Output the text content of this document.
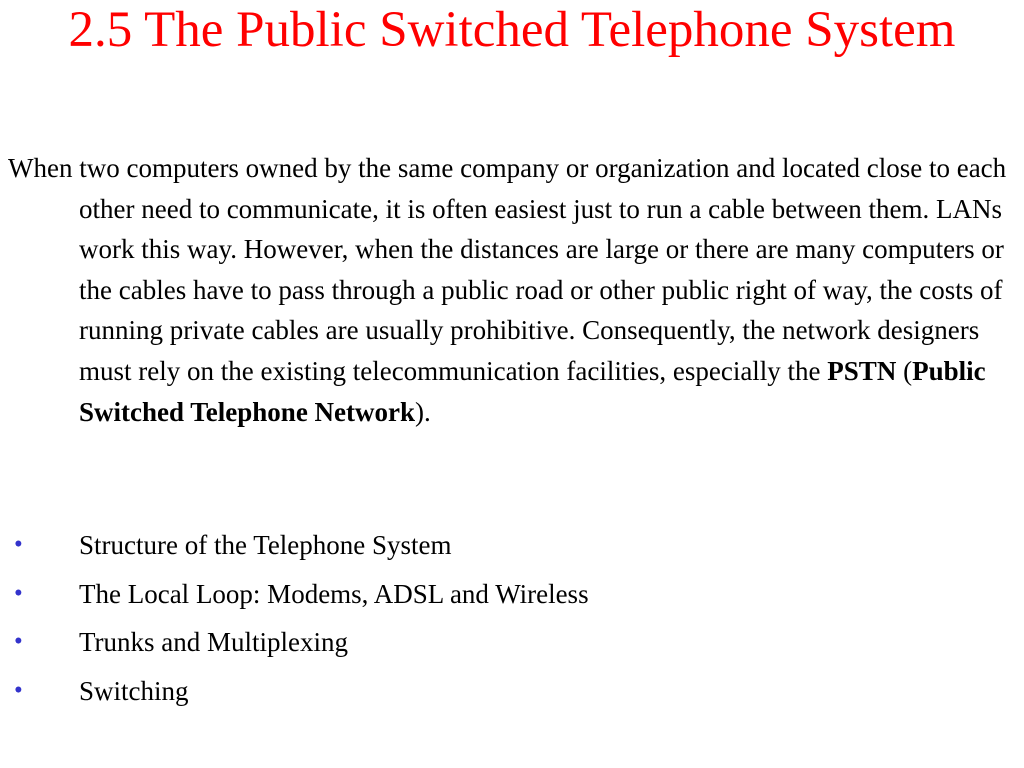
2.5 The Public Switched Telephone System

When two computers owned by the same company or organization and located close to each other need to communicate, it is often easiest just to run a cable between them. LANs work this way. However, when the distances are large or there are many computers or the cables have to pass through a public road or other public right of way, the costs of running private cables are usually prohibitive. Consequently, the network designers must rely on the existing telecommunication facilities, especially the PSTN (Public Switched Telephone Network).

• Structure of the Telephone System
• The Local Loop: Modems, ADSL and Wireless
• Trunks and Multiplexing
• Switching
